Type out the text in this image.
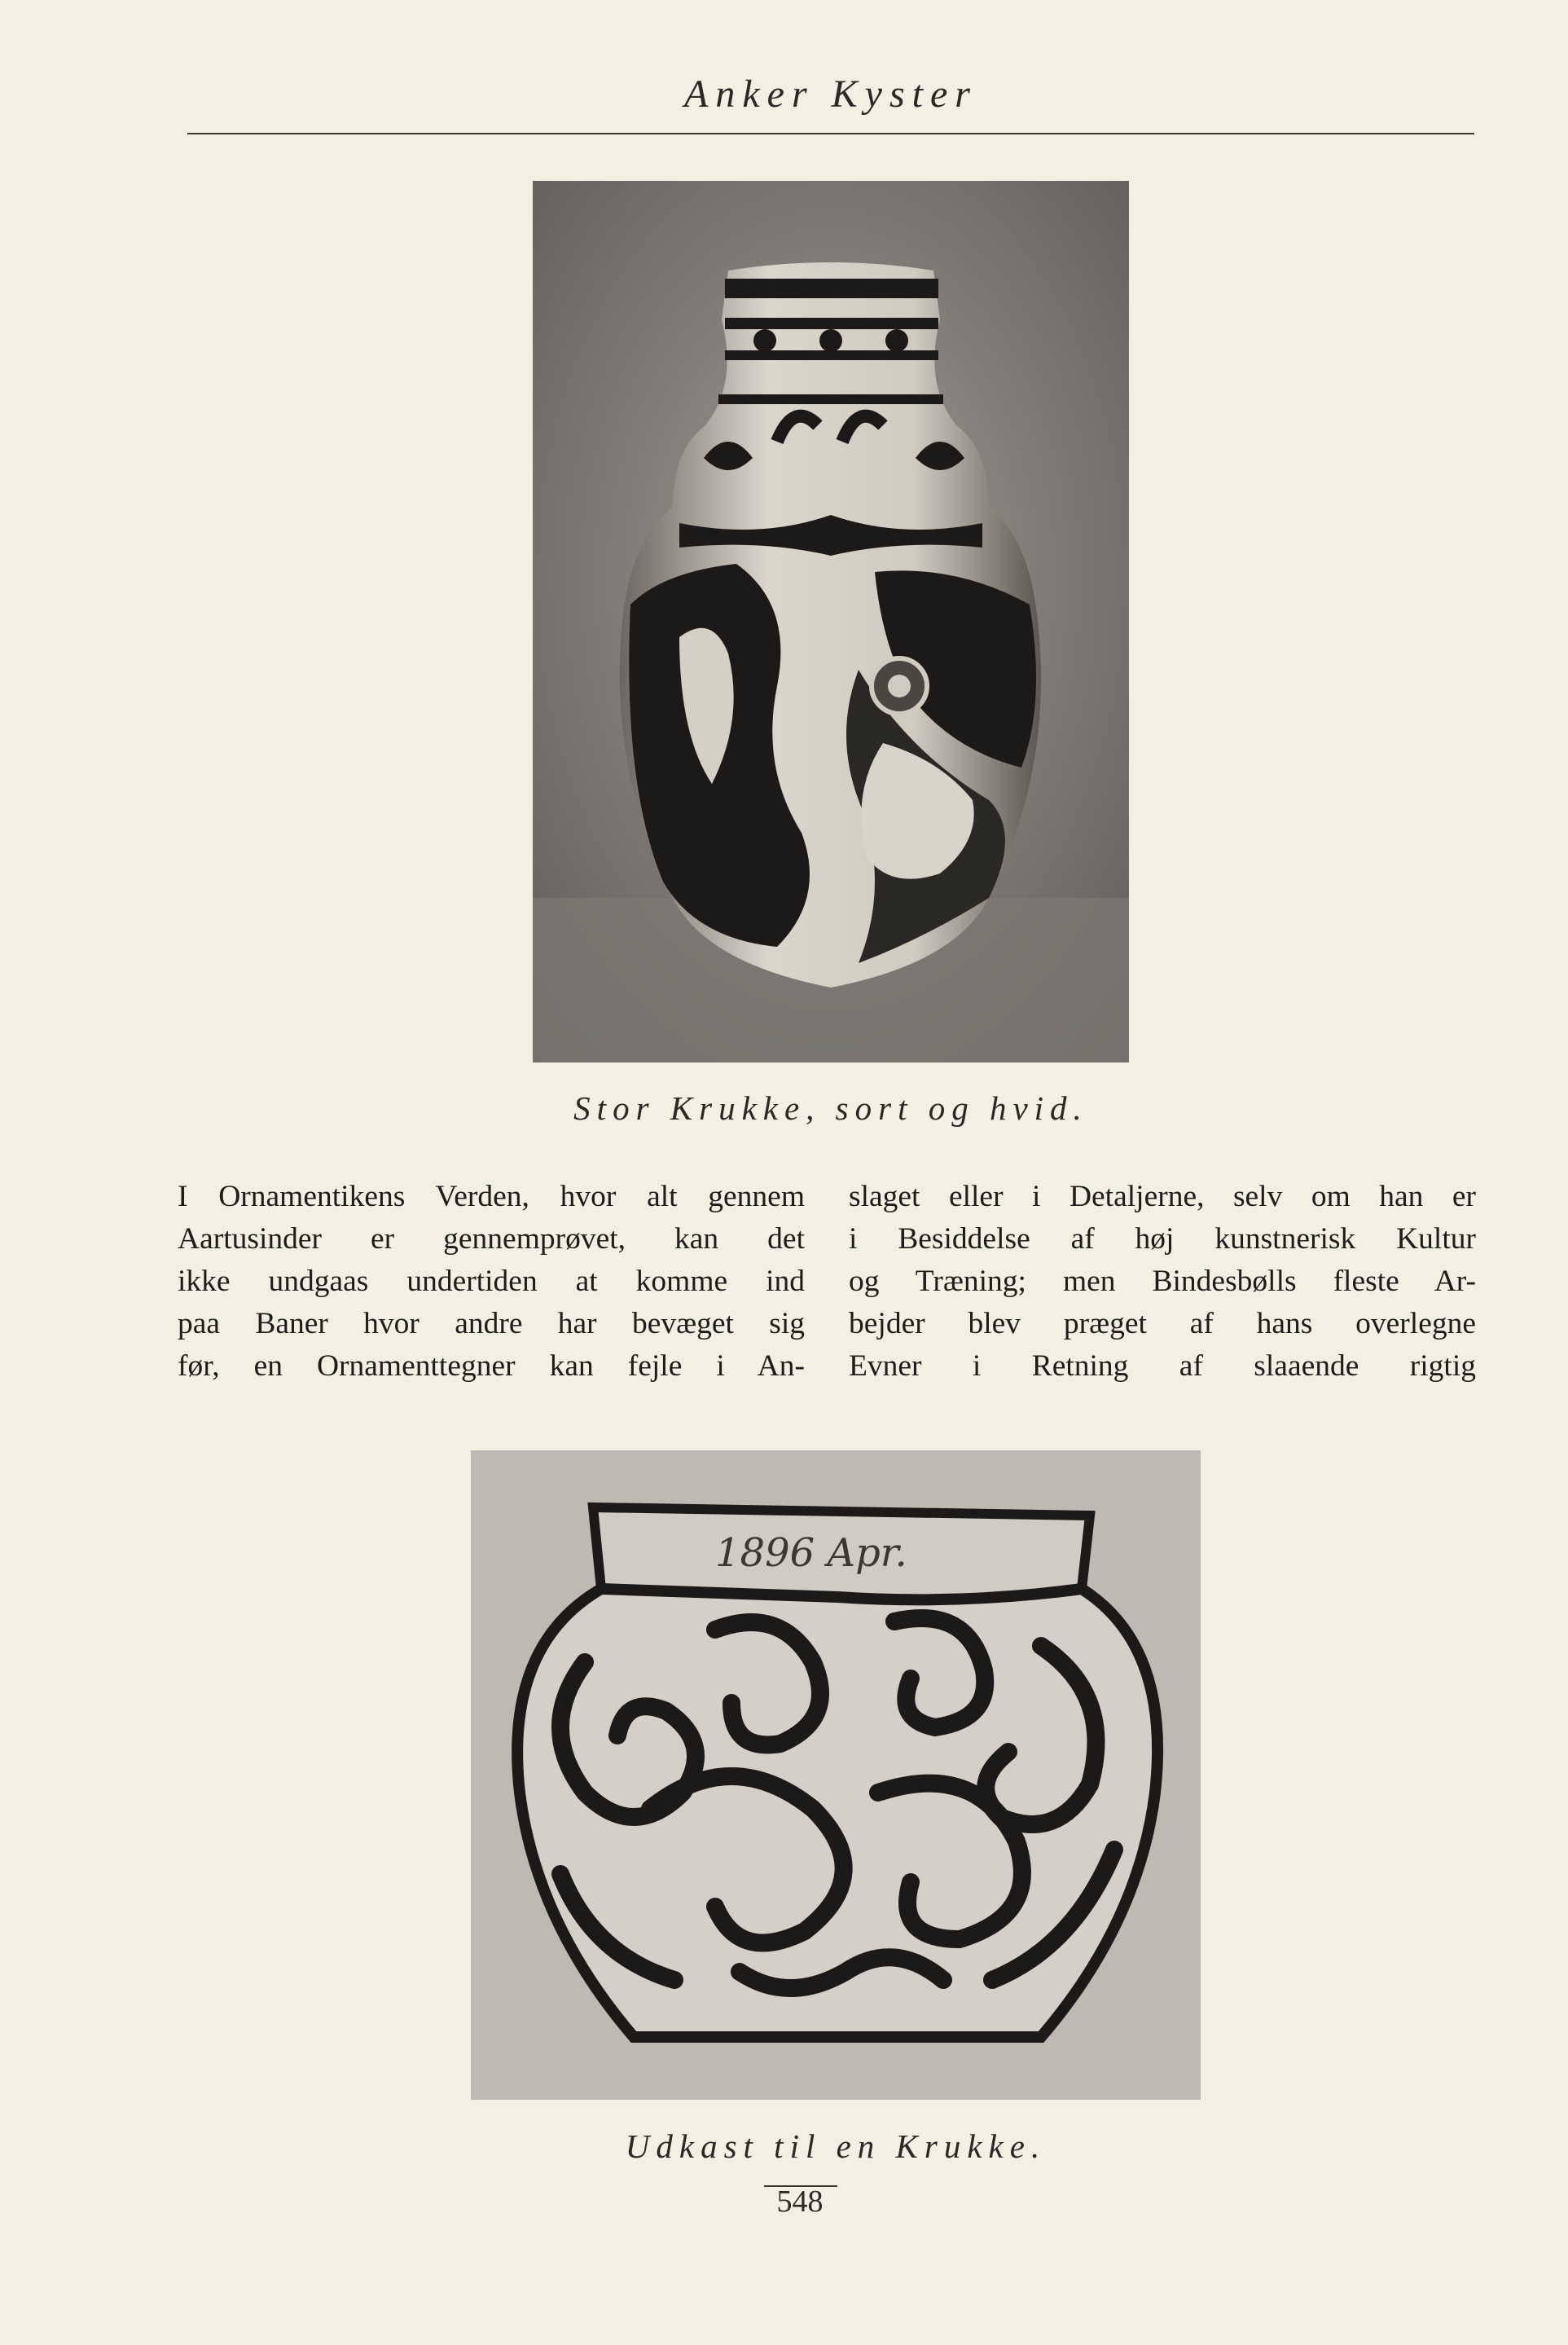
Anker Kyster
Stor Krukke, sort og hvid.
I Ornamentikens Verden, hvor alt gennem
Aartusinder er gennemprøvet, kan det
ikke undgaas undertiden at komme ind
paa Baner hvor andre har bevæget sig
før, en Ornamenttegner kan fejle i An-
slaget eller i Detaljerne, selv om han er
i Besiddelse af høj kunstnerisk Kultur
og Træning; men Bindesbølls fleste Ar-
bejder blev præget af hans overlegne
Evner i Retning af slaaende rigtig
1896 Apr.
Udkast til en Krukke.
548
